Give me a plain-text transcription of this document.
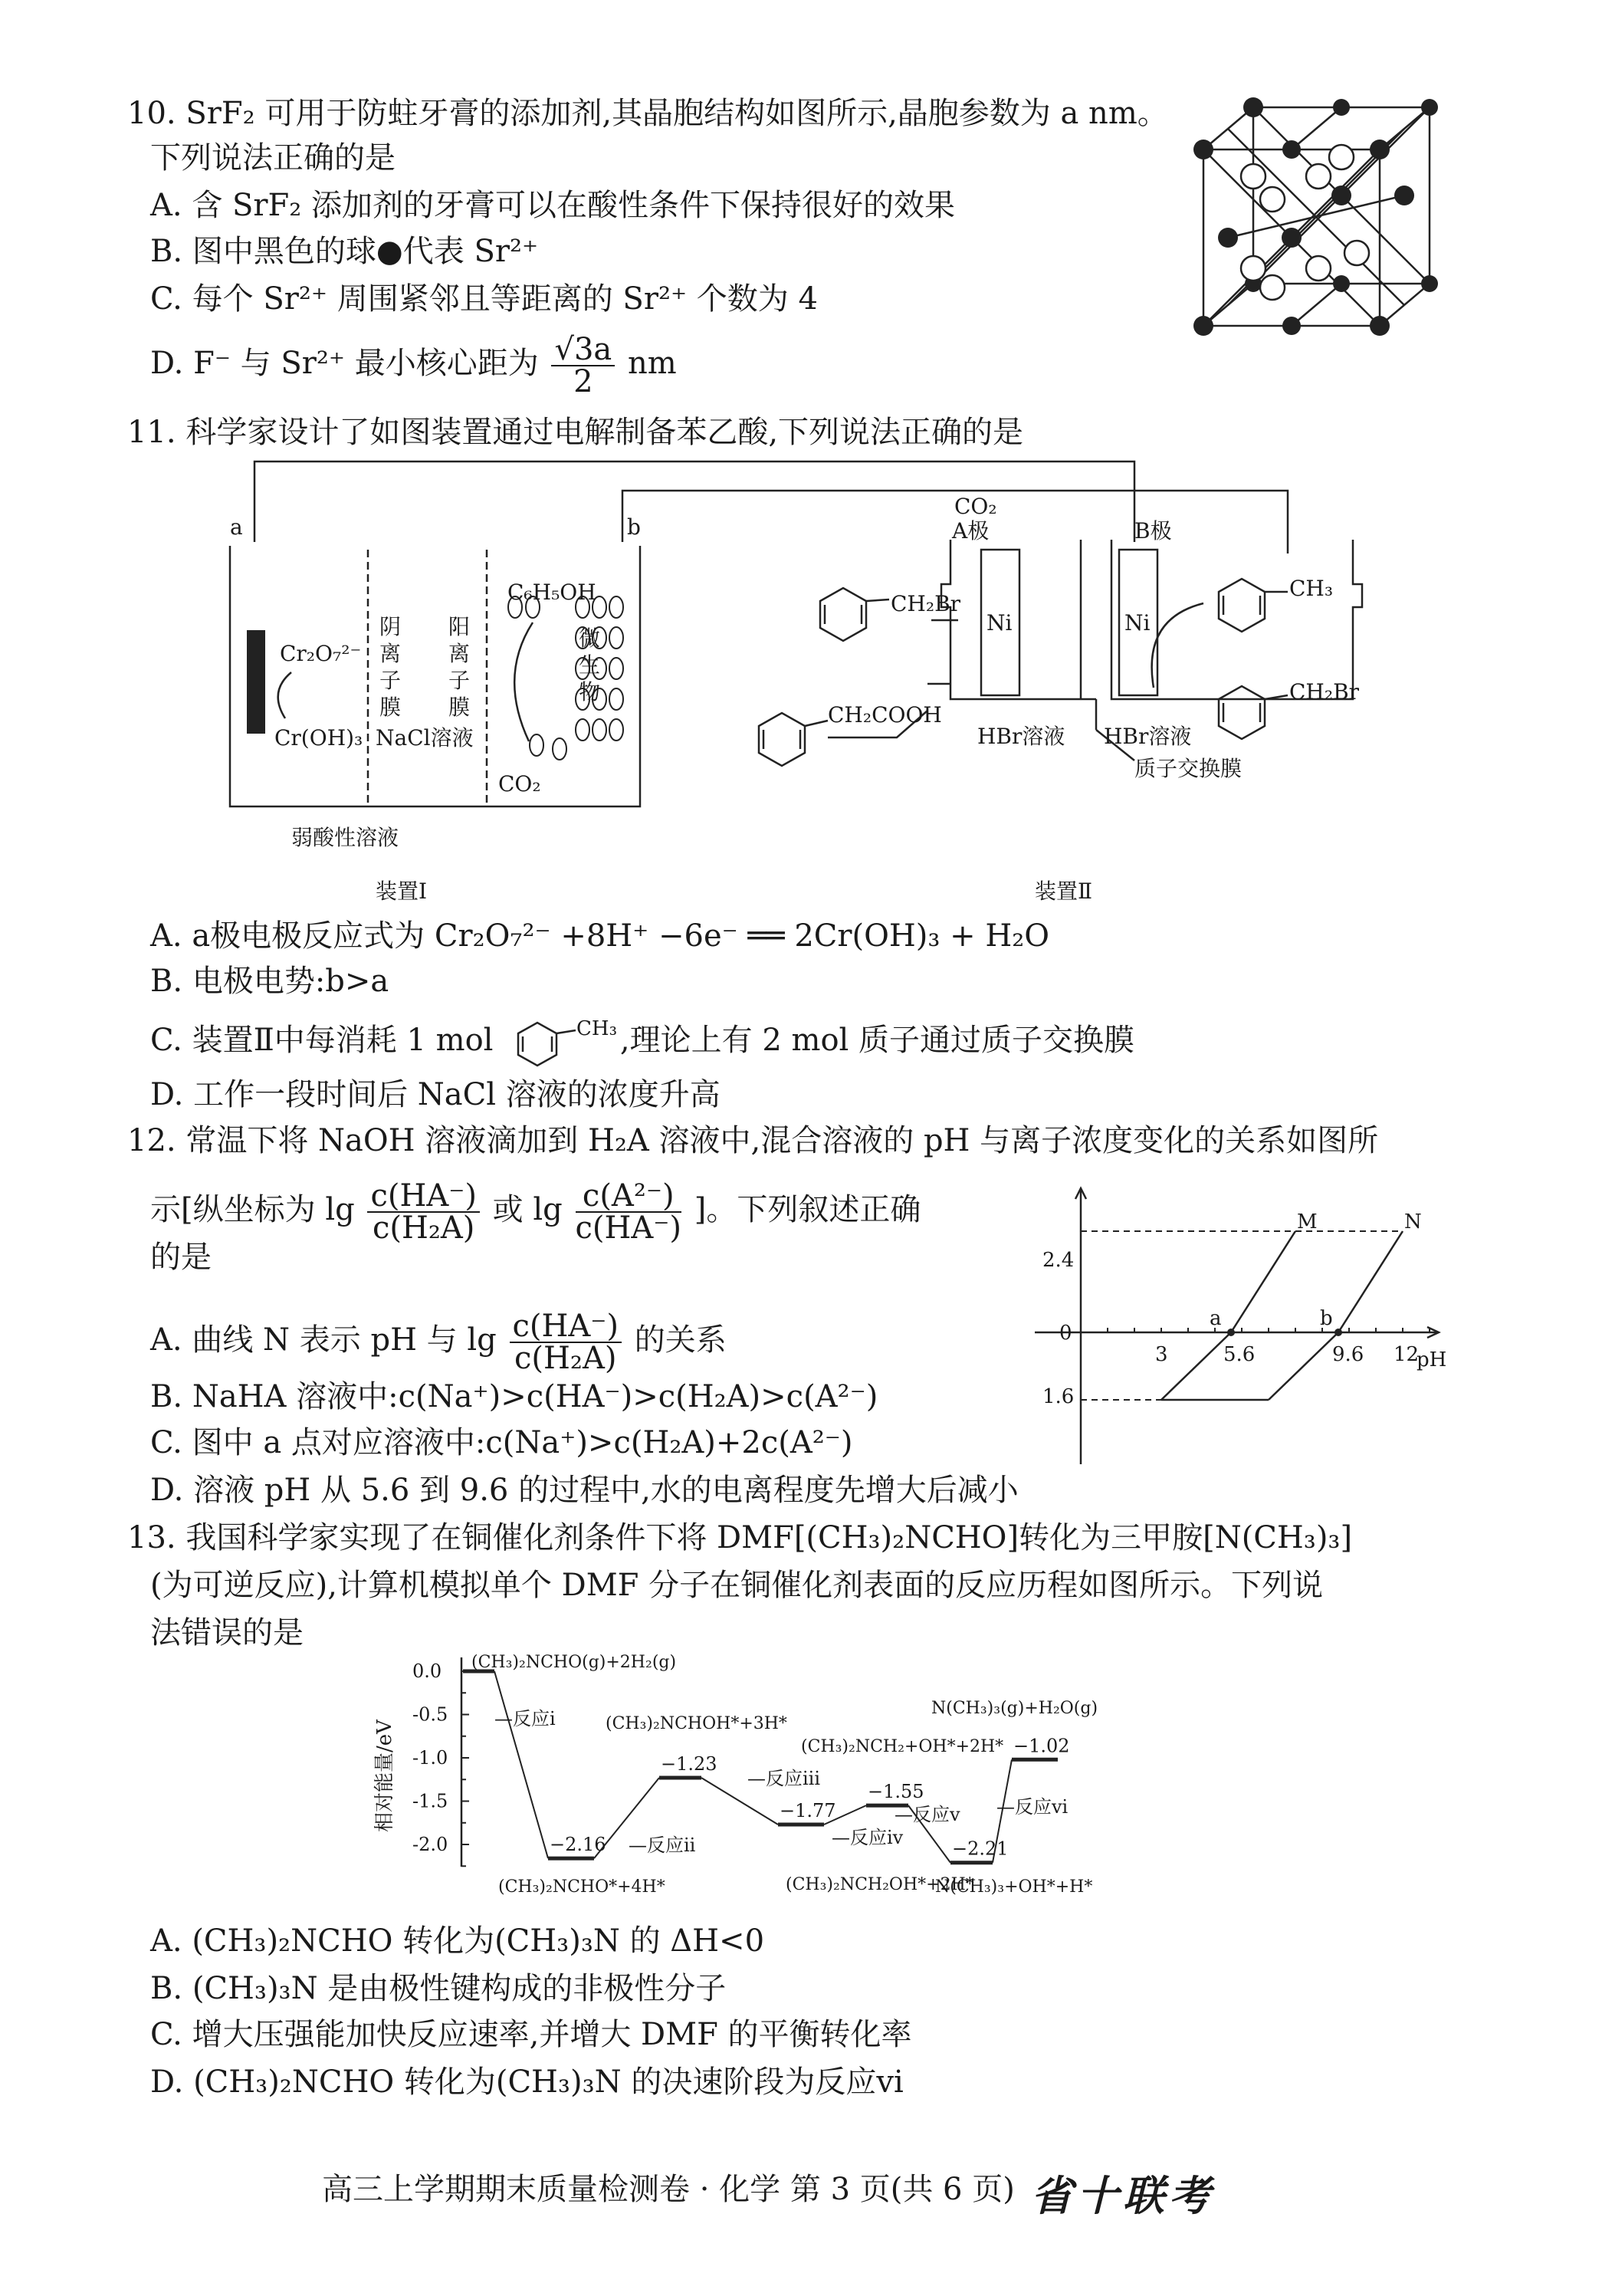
10. SrF₂ 可用于防蛀牙膏的添加剂,其晶胞结构如图所示,晶胞参数为 a nm。
下列说法正确的是
A. 含 SrF₂ 添加剂的牙膏可以在酸性条件下保持很好的效果
B. 图中黑色的球●代表 Sr²⁺
C. 每个 Sr²⁺ 周围紧邻且等距离的 Sr²⁺ 个数为 4
D. F⁻ 与 Sr²⁺ 最小核心距为 $\frac{√3a}{2}$ nm
11. 科学家设计了如图装置通过电解制备苯乙酸,下列说法正确的是
a	b
Cr₂O₇²⁻
Cr(OH)₃
阴
离
子
膜
阳
离
子
膜
NaCl溶液
C₆H₅OH
微
生
物
CO₂
弱酸性溶液
装置Ⅰ	装置Ⅱ
CO₂
A极	B极
Ni	Ni
CH₂Br
CH₂COOH
CH₃
CH₂Br
HBr溶液 HBr溶液
质子交换膜
A. a极电极反应式为 Cr₂O₇²⁻ +8H⁺ −6e⁻ ══ 2Cr(OH)₃ + H₂O
B. 电极电势:b>a
C. 装置Ⅱ中每消耗 1 mol	CH₃ ,理论上有 2 mol 质子通过质子交换膜
D. 工作一段时间后 NaCl 溶液的浓度升高
12. 常温下将 NaOH 溶液滴加到 H₂A 溶液中,混合溶液的 pH 与离子浓度变化的关系如图所
示[纵坐标为 $\lg \frac{c(HA^-)}{\text{c(H₂A)}}$ 或 $\lg \frac{\text{c(A²⁻)}}{c(HA^-)}$ ]。下列叙述正确
的是
A. 曲线 N 表示 pH 与 $\lg \frac{c(HA^-)}{\text{c(H₂A)}}$ 的关系
B. NaHA 溶液中:c(Na⁺)>c(HA⁻)>c(H₂A)>c(A²⁻)
C. 图中 a 点对应溶液中:c(Na⁺)>c(H₂A)+2c(A²⁻)
D. 溶液 pH 从 5.6 到 9.6 的过程中,水的电离程度先增大后减小
2.4
0
1.6
3	5.6	9.6 12
pH
M	N
a	b
13. 我国科学家实现了在铜催化剂条件下将 DMF[(CH₃)₂NCHO]转化为三甲胺[N(CH₃)₃]
(为可逆反应),计算机模拟单个 DMF 分子在铜催化剂表面的反应历程如图所示。下列说
法错误的是
0.0
-0.5
-1.0
-1.5
-2.0	−2.16
−1.23
−1.77
−1.55
−2.21
−1.02
(CH₃)₂NCHO(g)+2H₂(g)
(CH₃)₂NCHO*+4H*
(CH₃)₂NCHOH*+3H*
(CH₃)₂NCH₂OH*+2H*
(CH₃)₂NCH₂+OH*+2H*
N(CH₃)₃+OH*+H*
N(CH₃)₃(g)+H₂O(g)
—反应i
—反应ii
—反应iii
—反应iv
—反应v —反应vi
相对能量/eV
A. (CH₃)₂NCHO 转化为(CH₃)₃N 的 ΔH<0
B. (CH₃)₃N 是由极性键构成的非极性分子
C. 增大压强能加快反应速率,并增大 DMF 的平衡转化率
D. (CH₃)₂NCHO 转化为(CH₃)₃N 的决速阶段为反应ⅵ
高三上学期期末质量检测卷 · 化学 第 3 页(共 6 页) 省十联考
